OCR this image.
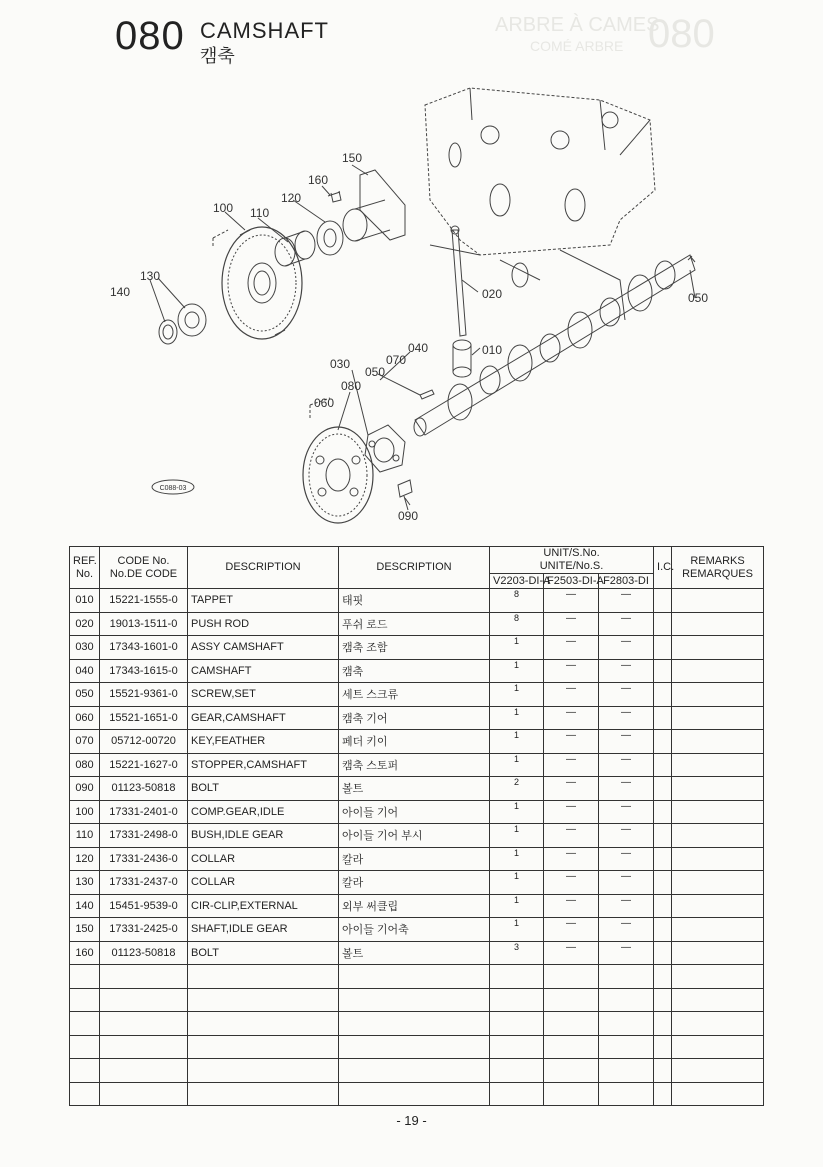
ARBRE À CAMES
COMÉ ARBRE 080
080 CAMSHAFT
캠축
150
160
120
110
100
130
140	020	050
040	010
030	070
080
050
060
090
C088-03
REF.
No.	CODE No.
No.DE CODE	DESCRIPTION	DESCRIPTION	UNIT/S.No.
UNITE/No.S.			I.C.	REMARKS
REMARQUES
				V2203-DI-A	F2503-DI-A	F2803-DI		
010	15221-1555-0	TAPPET	태핏	8	—	—		
020	19013-1511-0	PUSH ROD	푸쉬 로드	8	—	—		
030	17343-1601-0	ASSY CAMSHAFT	캠축 조함	1	—	—		
040	17343-1615-0	CAMSHAFT	캠축	1	—	—		
050	15521-9361-0	SCREW,SET	세트 스크류	1	—	—		
060	15521-1651-0	GEAR,CAMSHAFT	캠축 기어	1	—	—		
070	05712-00720	KEY,FEATHER	페더 키이	1	—	—		
080	15221-1627-0	STOPPER,CAMSHAFT	캠축 스토퍼	1	—	—		
090	01123-50818	BOLT	볼트	2	—	—		
100	17331-2401-0	COMP.GEAR,IDLE	아이들 기어	1	—	—		
110	17331-2498-0	BUSH,IDLE GEAR	아이들 기어 부시	1	—	—		
120	17331-2436-0	COLLAR	칼라	1	—	—		
130	17331-2437-0	COLLAR	칼라	1	—	—		
140	15451-9539-0	CIR-CLIP,EXTERNAL	외부 써클립	1	—	—		
150	17331-2425-0	SHAFT,IDLE GEAR	아이들 기어축	1	—	—		
160	01123-50818	BOLT	볼트	3	—	—		

- 19 -
